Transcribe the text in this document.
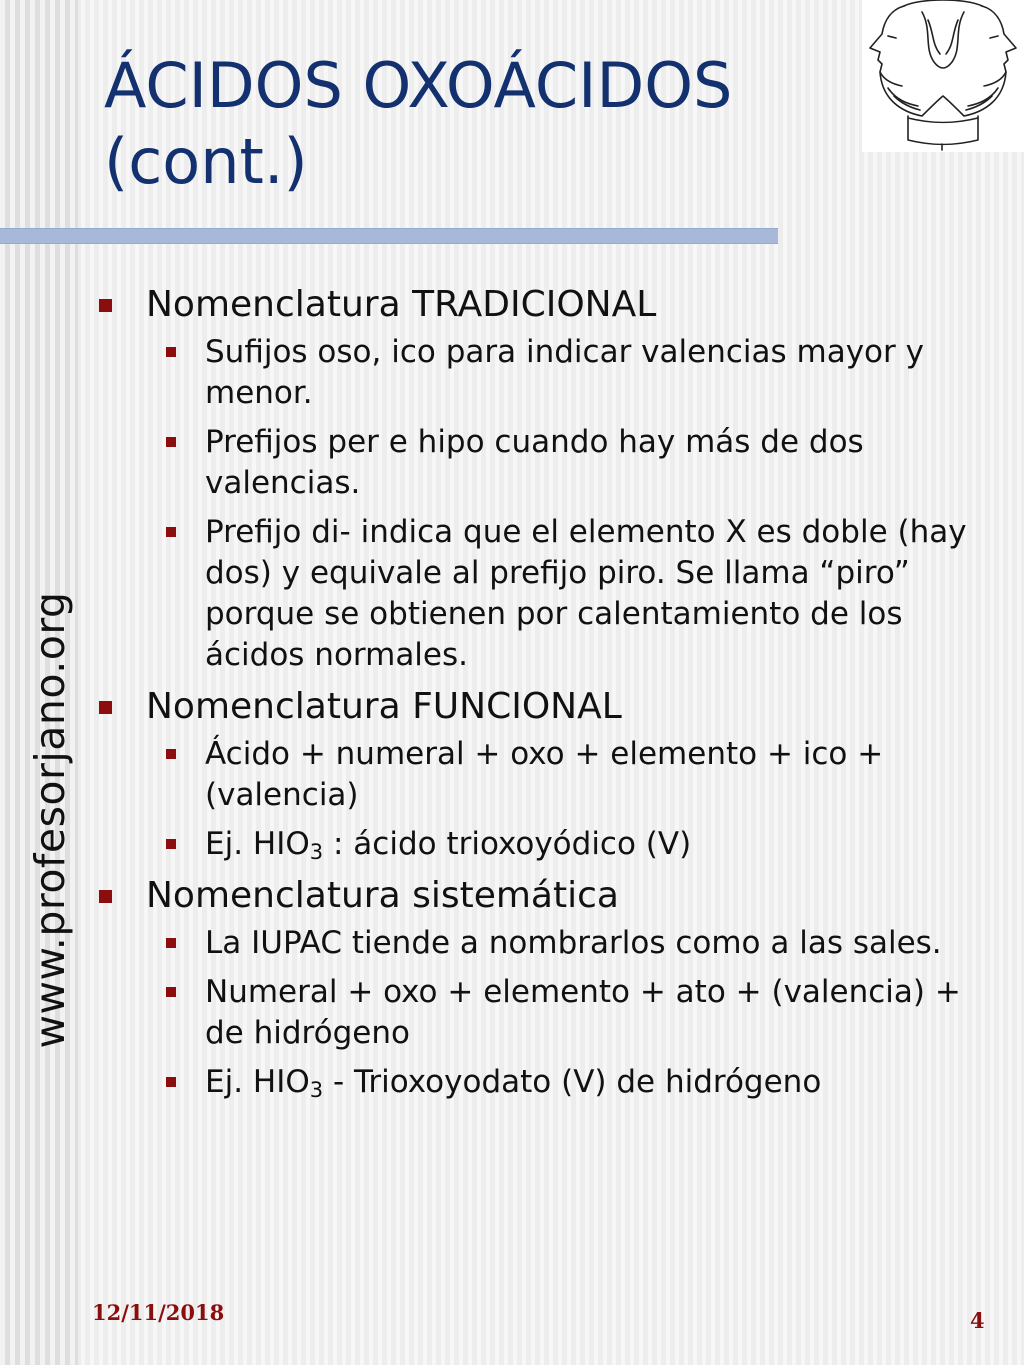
ÁCIDOS OXOÁCIDOS
(cont.)
www.profesorjano.org
Nomenclatura TRADICIONAL
Sufijos oso, ico para indicar valencias mayor y menor.
Prefijos per e hipo cuando hay más de dos valencias.
Prefijo di- indica que el elemento X es doble (hay dos) y equivale al prefijo piro. Se llama “piro” porque se obtienen por calentamiento de los ácidos normales.
Nomenclatura FUNCIONAL
Ácido + numeral + oxo + elemento + ico + (valencia)
Ej. $HIO_3$ : ácido trioxoyódico (V)
Nomenclatura sistemática
La IUPAC tiende a nombrarlos como a las sales.
Numeral + oxo + elemento + ato + (valencia) + de hidrógeno
Ej. $HIO_3$ - Trioxoyodato (V) de hidrógeno
12/11/2018	4
